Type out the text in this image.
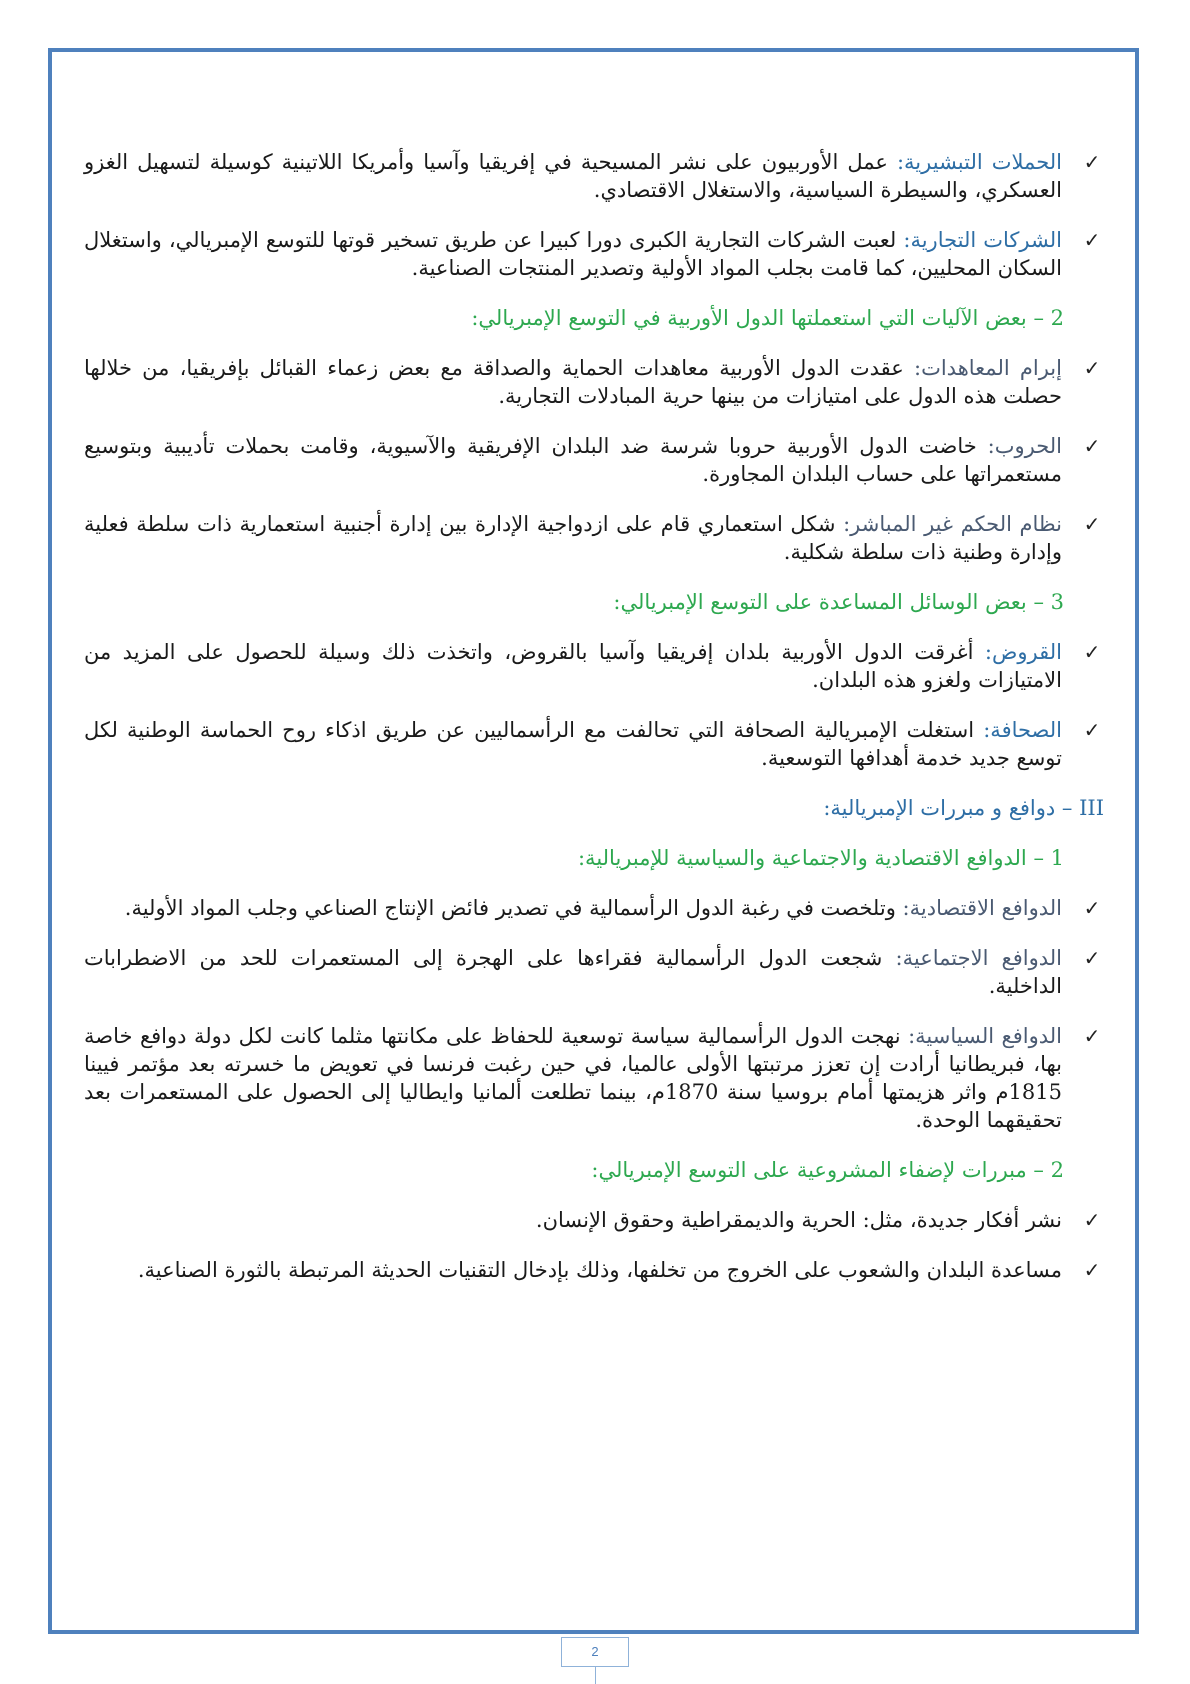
✓
الحملات التبشيرية: عمل الأوربيون على نشر المسيحية في إفريقيا وآسيا وأمريكا اللاتينية كوسيلة لتسهيل الغزو العسكري، والسيطرة السياسية، والاستغلال الاقتصادي.
✓
الشركات التجارية: لعبت الشركات التجارية الكبرى دورا كبيرا عن طريق تسخير قوتها للتوسع الإمبريالي، واستغلال السكان المحليين، كما قامت بجلب المواد الأولية وتصدير المنتجات الصناعية.
2 – بعض الآليات التي استعملتها الدول الأوربية في التوسع الإمبريالي:
✓
إبرام المعاهدات: عقدت الدول الأوربية معاهدات الحماية والصداقة مع بعض زعماء القبائل بإفريقيا، من خلالها حصلت هذه الدول على امتيازات من بينها حرية المبادلات التجارية.
✓
الحروب: خاضت الدول الأوربية حروبا شرسة ضد البلدان الإفريقية والآسيوية، وقامت بحملات تأديبية وبتوسيع مستعمراتها على حساب البلدان المجاورة.
✓
نظام الحكم غير المباشر: شكل استعماري قام على ازدواجية الإدارة بين إدارة أجنبية استعمارية ذات سلطة فعلية وإدارة وطنية ذات سلطة شكلية.
3 – بعض الوسائل المساعدة على التوسع الإمبريالي:
✓
القروض: أغرقت الدول الأوربية بلدان إفريقيا وآسيا بالقروض، واتخذت ذلك وسيلة للحصول على المزيد من الامتيازات ولغزو هذه البلدان.
✓
الصحافة: استغلت الإمبريالية الصحافة التي تحالفت مع الرأسماليين عن طريق اذكاء روح الحماسة الوطنية لكل توسع جديد خدمة أهدافها التوسعية.
III – دوافع و مبررات الإمبريالية:
1 – الدوافع الاقتصادية والاجتماعية والسياسية للإمبريالية:
✓
الدوافع الاقتصادية: وتلخصت في رغبة الدول الرأسمالية في تصدير فائض الإنتاج الصناعي وجلب المواد الأولية.
✓
الدوافع الاجتماعية: شجعت الدول الرأسمالية فقراءها على الهجرة إلى المستعمرات للحد من الاضطرابات الداخلية.
✓
الدوافع السياسية: نهجت الدول الرأسمالية سياسة توسعية للحفاظ على مكانتها مثلما كانت لكل دولة دوافع خاصة بها، فبريطانيا أرادت إن تعزز مرتبتها الأولى عالميا، في حين رغبت فرنسا في تعويض ما خسرته بعد مؤتمر فيينا 1815م واثر هزيمتها أمام بروسيا سنة 1870م، بينما تطلعت ألمانيا وايطاليا إلى الحصول على المستعمرات بعد تحقيقهما الوحدة.
2 – مبررات لإضفاء المشروعية على التوسع الإمبريالي:
✓
نشر أفكار جديدة، مثل: الحرية والديمقراطية وحقوق الإنسان.
✓
مساعدة البلدان والشعوب على الخروج من تخلفها، وذلك بإدخال التقنيات الحديثة المرتبطة بالثورة الصناعية.
2
